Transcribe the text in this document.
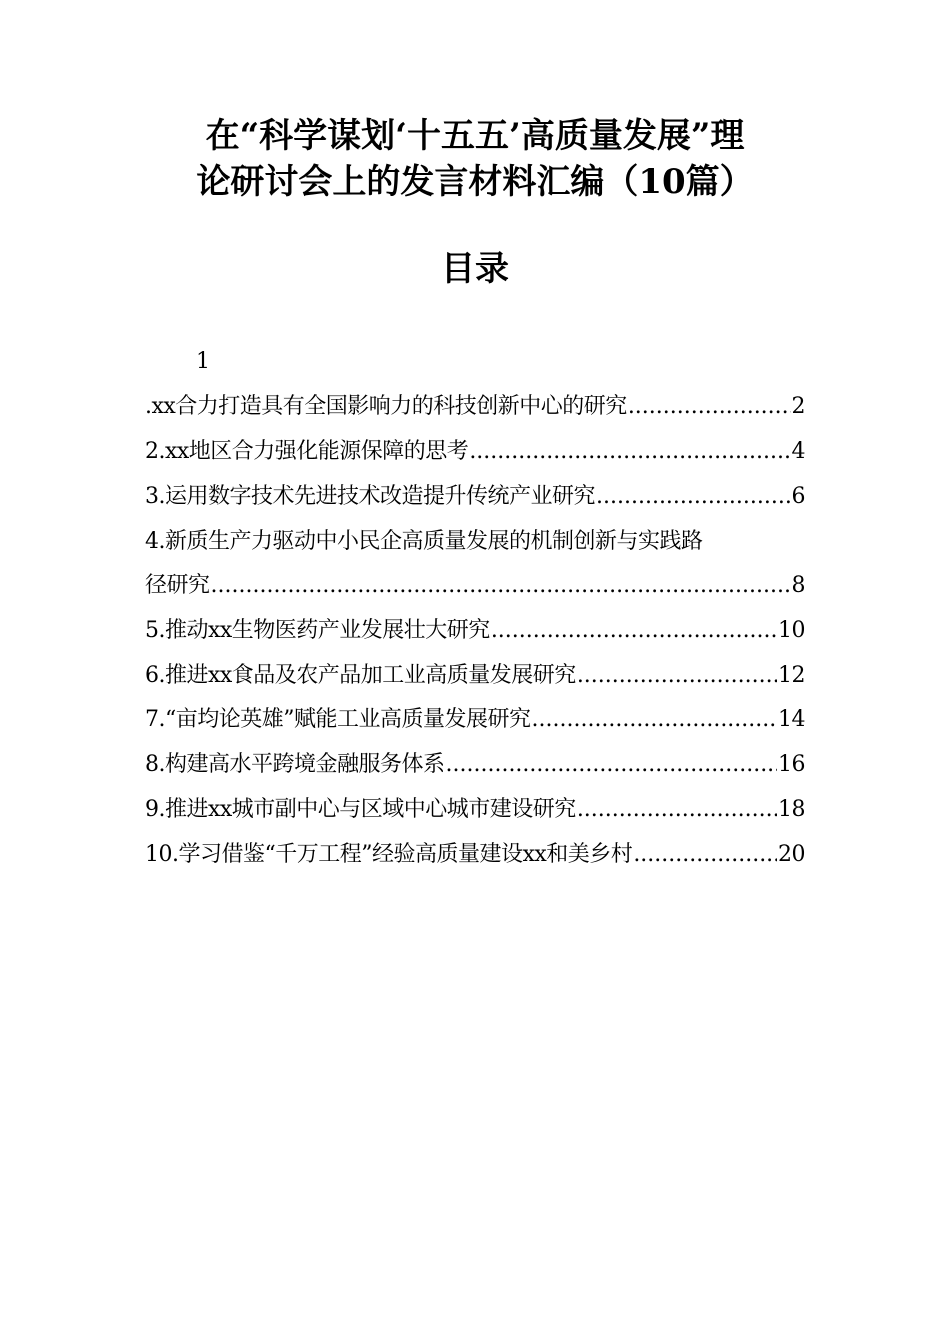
在“科学谋划‘十五五’高质量发展”理
论研讨会上的发言材料汇编（10篇）
目录
1
.xx合力打造具有全国影响力的科技创新中心的研究 .....	2
2.xx地区合力强化能源保障的思考 .....	4
3.运用数字技术先进技术改造提升传统产业研究 .....	6
4.新质生产力驱动中小民企高质量发展的机制创新与实践路
径研究 .....	8
5.推动xx生物医药产业发展壮大研究 .....	10
6.推进xx食品及农产品加工业高质量发展研究 .....	12
7.“亩均论英雄”赋能工业高质量发展研究 .....	14
8.构建高水平跨境金融服务体系 .....	16
9.推进xx城市副中心与区域中心城市建设研究 .....	18
10.学习借鉴“千万工程”经验高质量建设xx和美乡村 .....	20
